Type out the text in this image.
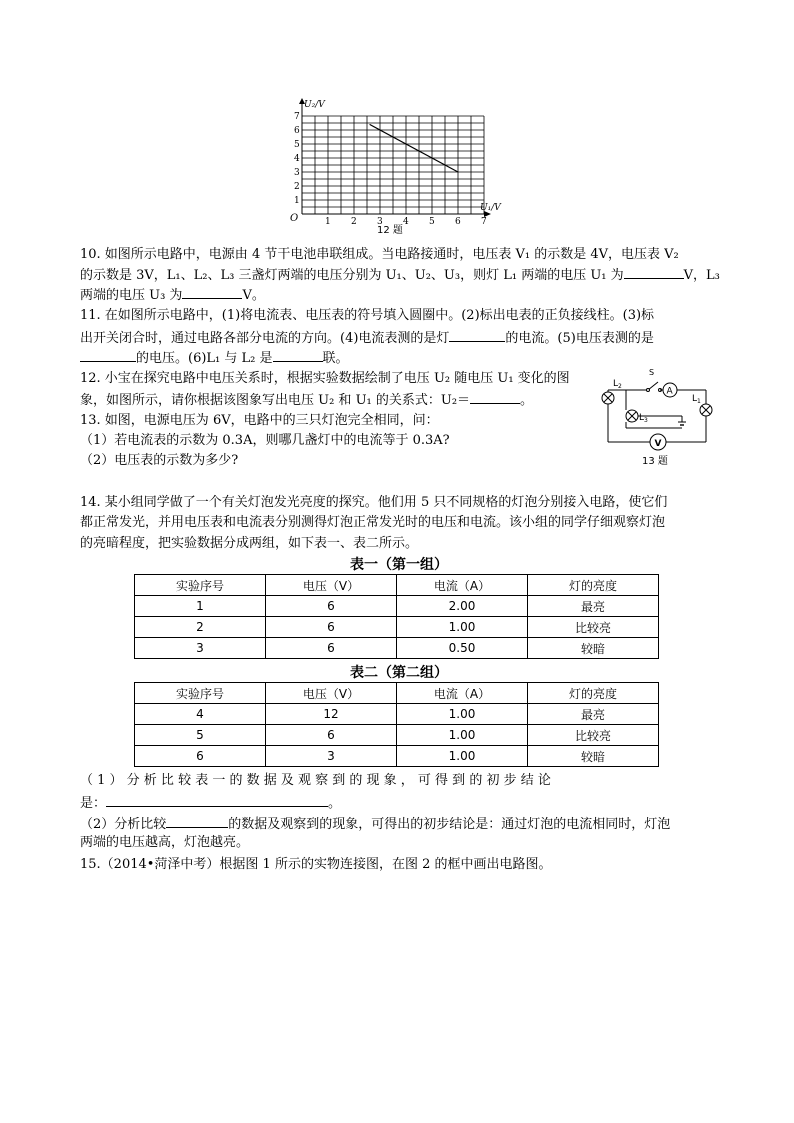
1 2 3 4 5 6 7
1
2
3
4
5
6
7
O
U₂/V
U₁/V
12 题
10. 如图所示电路中，电源由 4 节干电池串联组成。当电路接通时，电压表 V₁ 的示数是 4V，电压表 V₂
的示数是 3V，L₁、L₂、L₃ 三盏灯两端的电压分别为 U₁、U₂、U₃，则灯 L₁ 两端的电压 U₁ 为	V，L₃
两端的电压 U₃ 为	V。
11. 在如图所示电路中，(1)将电流表、电压表的符号填入圆圈中。(2)标出电表的正负接线柱。(3)标
出开关闭合时，通过电路各部分电流的方向。(4)电流表测的是灯	的电流。(5)电压表测的是
的电压。(6)L₁ 与 L₂ 是	联。
12. 小宝在探究电路中电压关系时，根据实验数据绘制了电压 U₂ 随电压 U₁ 变化的图
象，如图所示，请你根据该图象写出电压 U₂ 和 U₁ 的关系式：U₂＝	。
13. 如图，电源电压为 6V，电路中的三只灯泡完全相同，问：
（1）若电流表的示数为 0.3A，则哪几盏灯中的电流等于 0.3A?
（2）电压表的示数为多少?
A
V
S
$L_2$
$L_3$
$L_1$
13 题
14. 某小组同学做了一个有关灯泡发光亮度的探究。他们用 5 只不同规格的灯泡分别接入电路，使它们
都正常发光，并用电压表和电流表分别测得灯泡正常发光时的电压和电流。该小组的同学仔细观察灯泡
的亮暗程度，把实验数据分成两组，如下表一、表二所示。
表一（第一组）
实验序号	电压（V）	电流（A）	灯的亮度
1	6	2.00	最亮
2	6	1.00	比较亮
3	6	0.50	较暗
表二（第二组）
实验序号	电压（V）	电流（A）	灯的亮度
4	12	1.00	最亮
5	6	1.00	比较亮
6	3	1.00	较暗
（ 1 ） 分 析 比 较 表 一 的 数 据 及 观 察 到 的 现 象 ， 可 得 到 的 初 步 结 论
是：	。
（2）分析比较	的数据及观察到的现象，可得出的初步结论是：通过灯泡的电流相同时，灯泡
两端的电压越高，灯泡越亮。
15.（2014•菏泽中考）根据图 1 所示的实物连接图，在图 2 的框中画出电路图。
